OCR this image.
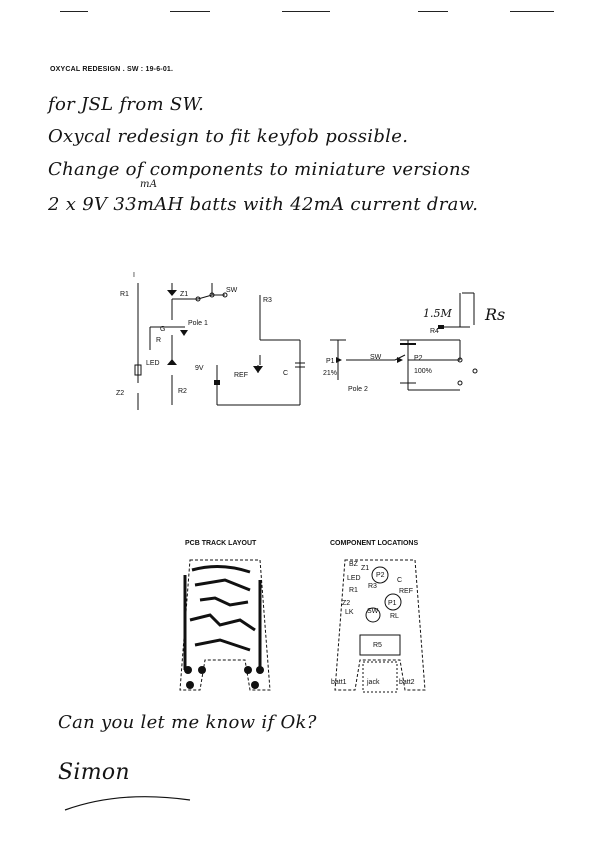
OXYCAL REDESIGN . SW : 19-6-01.
for JSL from SW.
Oxycal redesign to fit keyfob possible.
Change of components to miniature versions
2 x 9V 33mAH batts with 42mA current draw.
mA
I
R1	Z1
SW
Pole 1
G
R
LED
Z2	R2
9V
R3
REF	C
P1
21%
SW	P2
100%
Pole 2
R4
1.5M Rs
PCB TRACK LAYOUT	COMPONENT LOCATIONS
BZ
Z1
LED P2
C
R1
R3
REF
Z2	P1
LK SW
RL
R5
batt1	jack	batt2
Can you let me know if Ok?
Simon
